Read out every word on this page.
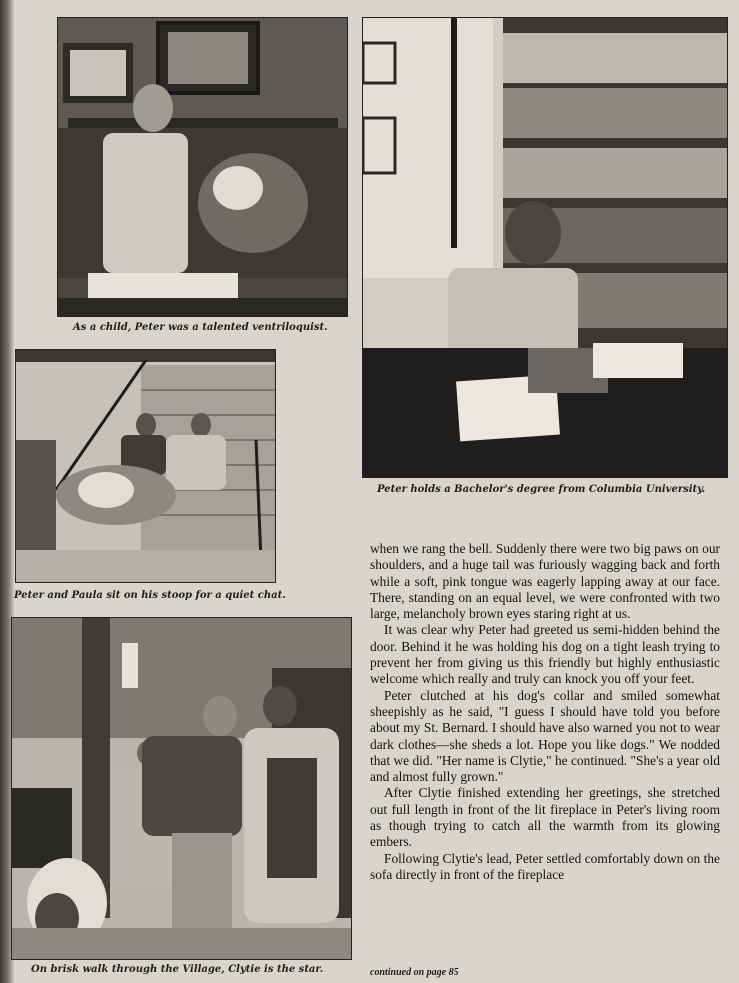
As a child, Peter was a talented ventriloquist.
Peter holds a Bachelor's degree from Columbia University.
Peter and Paula sit on his stoop for a quiet chat.
On brisk walk through the Village, Clytie is the star.

when we rang the bell. Suddenly there were two big paws on our shoulders, and a huge tail was furiously wagging back and forth while a soft, pink tongue was eagerly lapping away at our face. There, standing on an equal level, we were confronted with two large, melancholy brown eyes staring right at us.

It was clear why Peter had greeted us semi-hidden behind the door. Behind it he was holding his dog on a tight leash trying to prevent her from giving us this friendly but highly enthusiastic welcome which really and truly can knock you off your feet.

Peter clutched at his dog's collar and smiled somewhat sheepishly as he said, "I guess I should have told you before about my St. Bernard. I should have also warned you not to wear dark clothes—she sheds a lot. Hope you like dogs." We nodded that we did. "Her name is Clytie," he continued. "She's a year old and almost fully grown."

After Clytie finished extending her greetings, she stretched out full length in front of the lit fireplace in Peter's living room as though trying to catch all the warmth from its glowing embers.

Following Clytie's lead, Peter settled comfortably down on the sofa directly in front of the fireplace

continued on page 85
